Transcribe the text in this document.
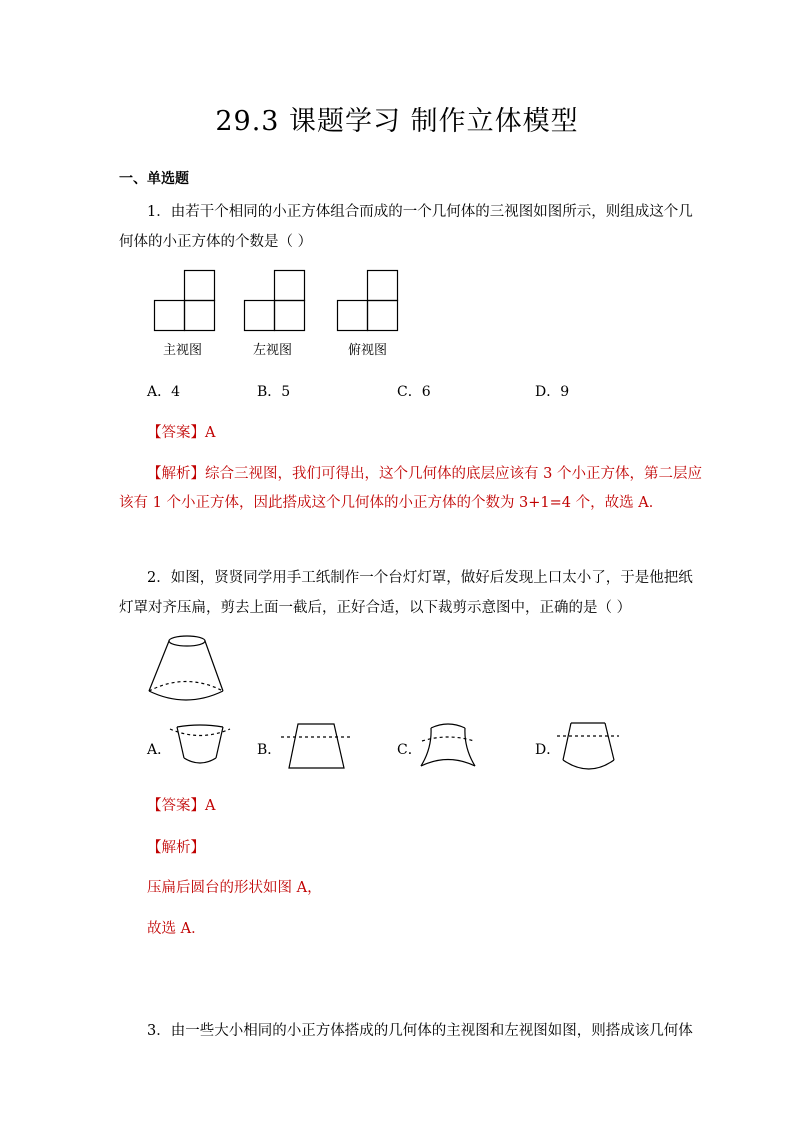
29.3 课题学习 制作立体模型
一、单选题
1．由若干个相同的小正方体组合而成的一个几何体的三视图如图所示，则组成这个几
何体的小正方体的个数是（ ）
主视图	左视图	俯视图
A．4	B．5	C．6	D．9
【答案】A
【解析】综合三视图，我们可得出，这个几何体的底层应该有 3 个小正方体，第二层应
该有 1 个小正方体，因此搭成这个几何体的小正方体的个数为 3+1=4 个，故选 A．
2．如图，贤贤同学用手工纸制作一个台灯灯罩，做好后发现上口太小了，于是他把纸
灯罩对齐压扁，剪去上面一截后，正好合适，以下裁剪示意图中，正确的是（ ）
A．	B．	C．	D．
【答案】A
【解析】
压扁后圆台的形状如图 A，
故选 A．
3．由一些大小相同的小正方体搭成的几何体的主视图和左视图如图，则搭成该几何体
